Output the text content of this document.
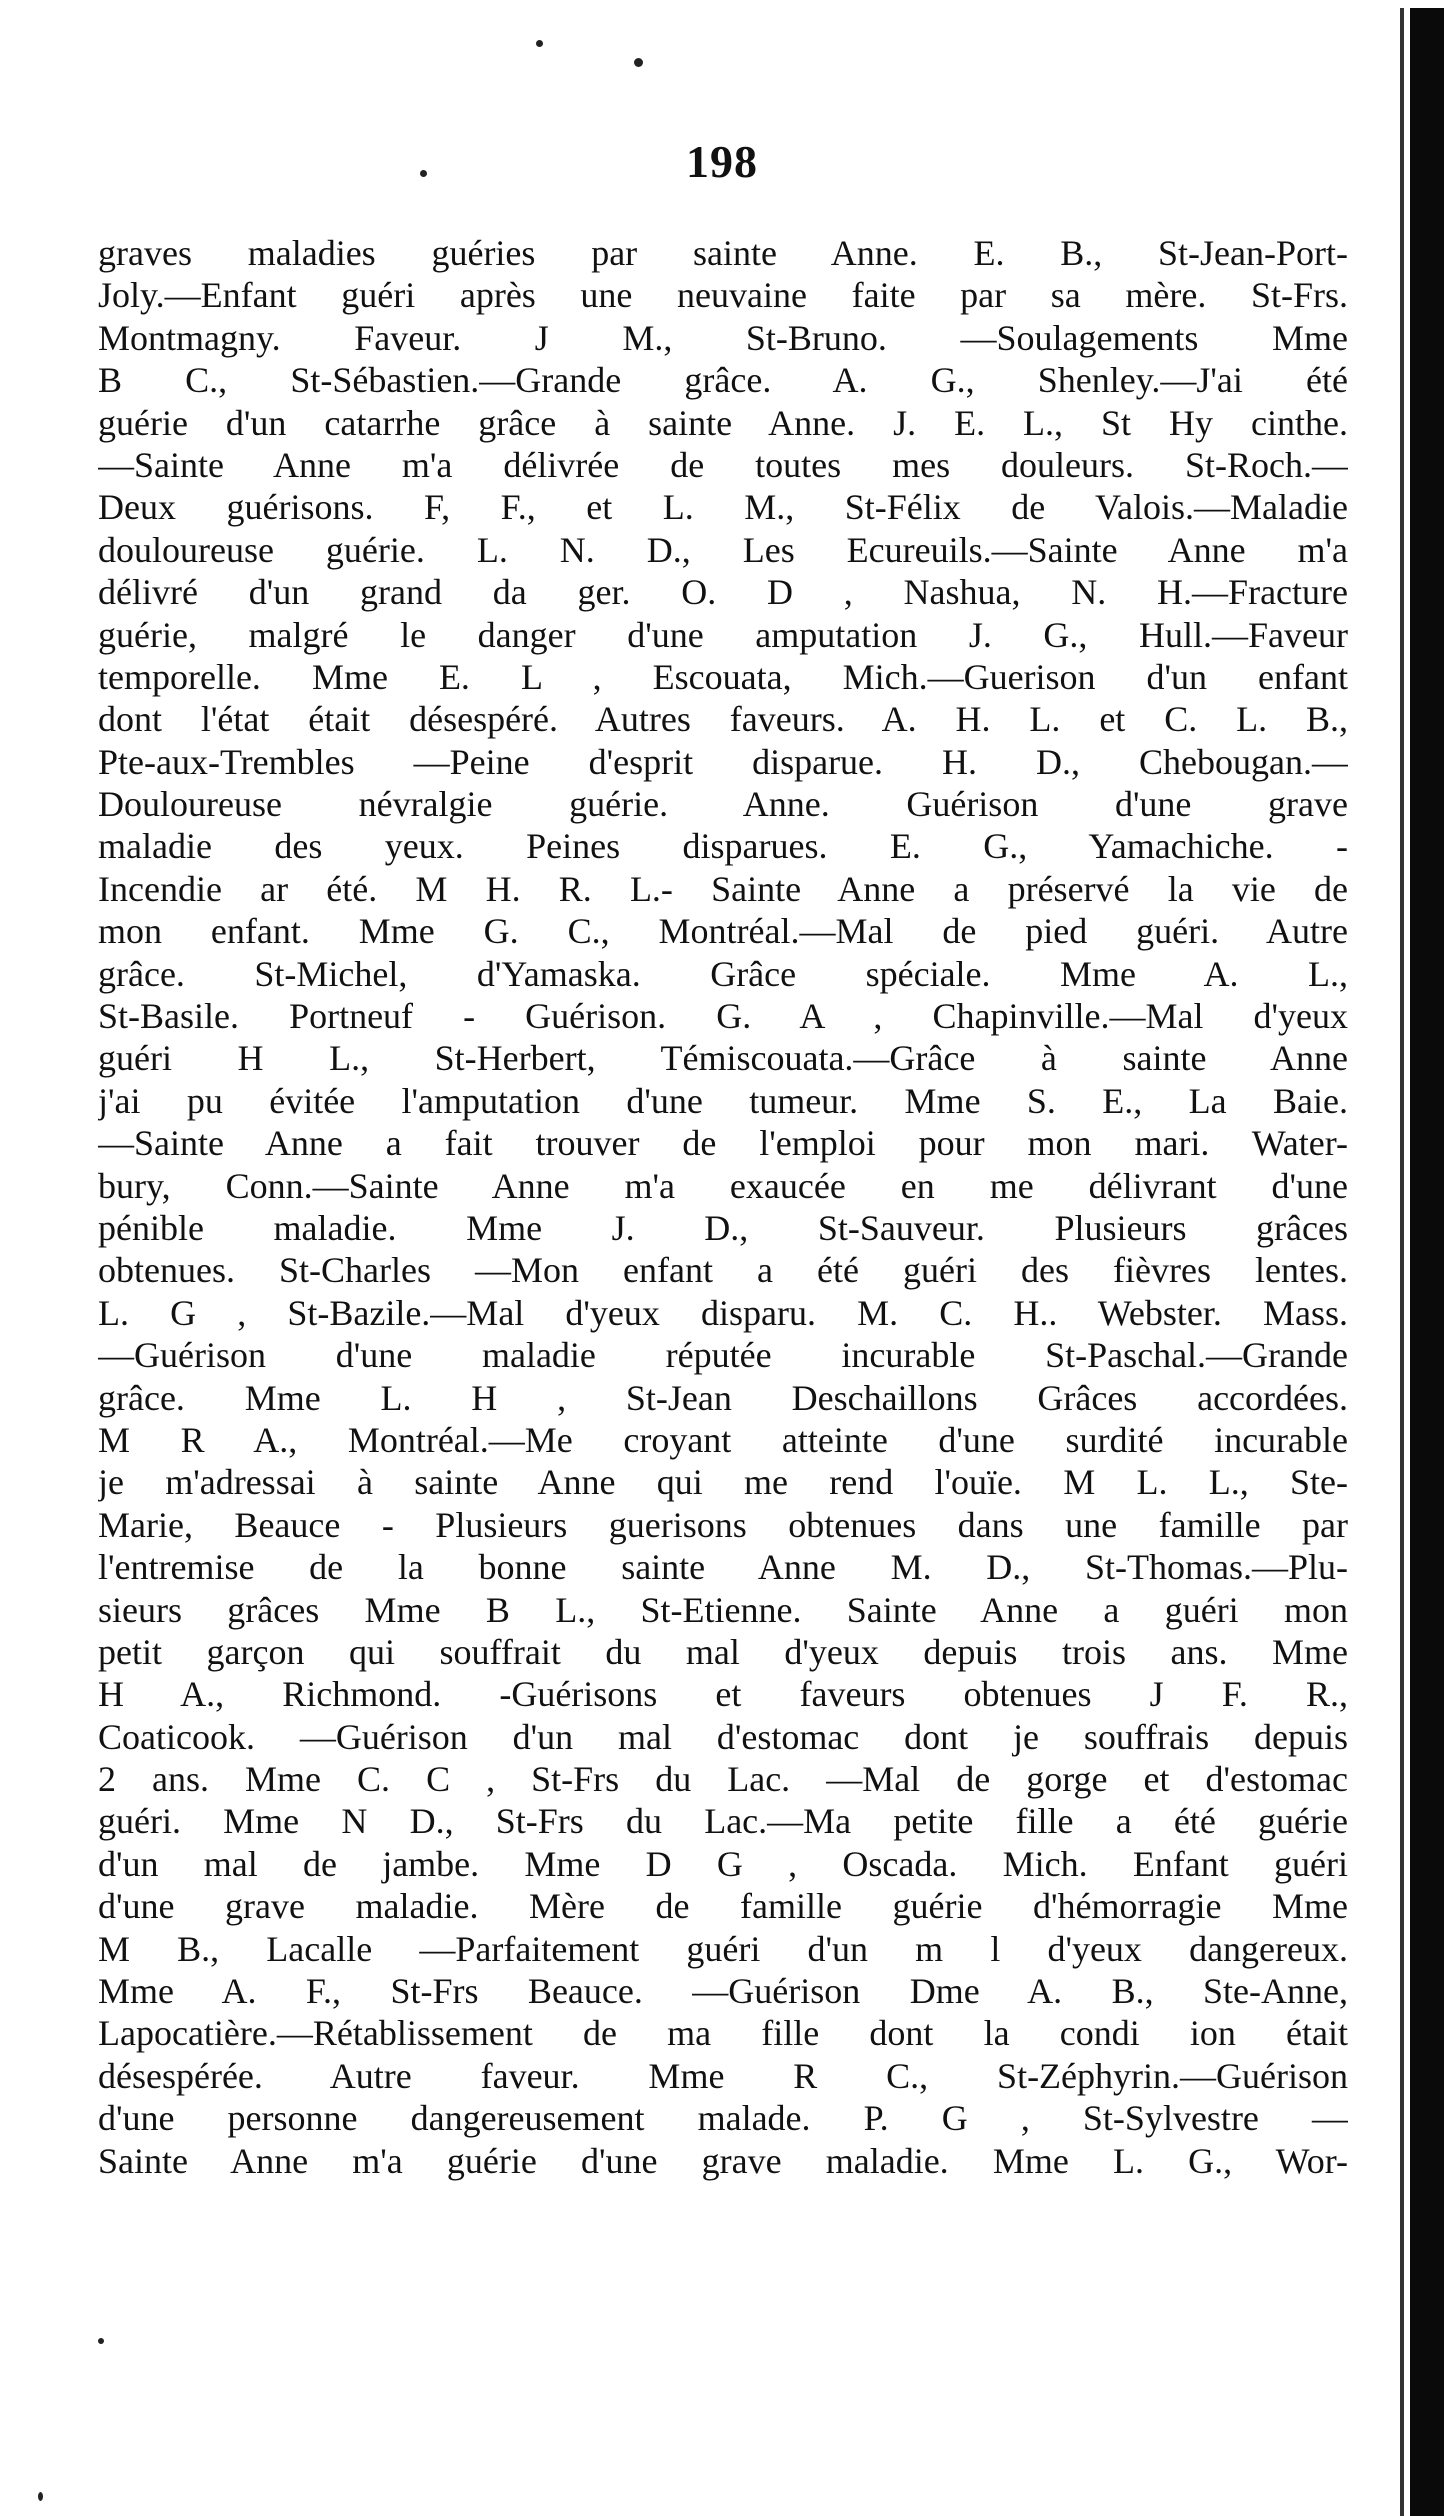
198
graves maladies guéries par sainte Anne. E. B., St-Jean-Port-
Joly.—Enfant guéri après une neuvaine faite par sa mère. St-Frs.
Montmagny. Faveur. J M., St-Bruno. —Soulagements Mme
B C., St-Sébastien.—Grande grâce. A. G., Shenley.—J'ai été
guérie d'un catarrhe grâce à sainte Anne. J. E. L., St Hy cinthe.
—Sainte Anne m'a délivrée de toutes mes douleurs. St-Roch.—
Deux guérisons. F, F., et L. M., St-Félix de Valois.—Maladie
douloureuse guérie. L. N. D., Les Ecureuils.—Sainte Anne m'a
délivré d'un grand da ger. O. D , Nashua, N. H.—Fracture
guérie, malgré le danger d'une amputation J. G., Hull.—Faveur
temporelle. Mme E. L , Escouata, Mich.—Guerison d'un enfant
dont l'état était désespéré. Autres faveurs. A. H. L. et C. L. B.,
Pte-aux-Trembles —Peine d'esprit disparue. H. D., Chebougan.—
Douloureuse névralgie guérie. Anne. Guérison d'une grave
maladie des yeux. Peines disparues. E. G., Yamachiche. -
Incendie ar été. M H. R. L.- Sainte Anne a préservé la vie de
mon enfant. Mme G. C., Montréal.—Mal de pied guéri. Autre
grâce. St-Michel, d'Yamaska. Grâce spéciale. Mme A. L.,
St-Basile. Portneuf - Guérison. G. A , Chapinville.—Mal d'yeux
guéri H L., St-Herbert, Témiscouata.—Grâce à sainte Anne
j'ai pu évitée l'amputation d'une tumeur. Mme S. E., La Baie.
—Sainte Anne a fait trouver de l'emploi pour mon mari. Water-
bury, Conn.—Sainte Anne m'a exaucée en me délivrant d'une
pénible maladie. Mme J. D., St-Sauveur. Plusieurs grâces
obtenues. St-Charles —Mon enfant a été guéri des fièvres lentes.
L. G , St-Bazile.—Mal d'yeux disparu. M. C. H.. Webster. Mass.
—Guérison d'une maladie réputée incurable St-Paschal.—Grande
grâce. Mme L. H , St-Jean Deschaillons Grâces accordées.
M R A., Montréal.—Me croyant atteinte d'une surdité incurable
je m'adressai à sainte Anne qui me rend l'ouïe. M L. L., Ste-
Marie, Beauce - Plusieurs guerisons obtenues dans une famille par
l'entremise de la bonne sainte Anne M. D., St-Thomas.—Plu-
sieurs grâces Mme B L., St-Etienne. Sainte Anne a guéri mon
petit garçon qui souffrait du mal d'yeux depuis trois ans. Mme
H A., Richmond. -Guérisons et faveurs obtenues J F. R.,
Coaticook. —Guérison d'un mal d'estomac dont je souffrais depuis
2 ans. Mme C. C , St-Frs du Lac. —Mal de gorge et d'estomac
guéri. Mme N D., St-Frs du Lac.—Ma petite fille a été guérie
d'un mal de jambe. Mme D G , Oscada. Mich. Enfant guéri
d'une grave maladie. Mère de famille guérie d'hémorragie Mme
M B., Lacalle —Parfaitement guéri d'un m l d'yeux dangereux.
Mme A. F., St-Frs Beauce. —Guérison Dme A. B., Ste-Anne,
Lapocatière.—Rétablissement de ma fille dont la condi ion était
désespérée. Autre faveur. Mme R C., St-Zéphyrin.—Guérison
d'une personne dangereusement malade. P. G , St-Sylvestre —
Sainte Anne m'a guérie d'une grave maladie. Mme L. G., Wor-
